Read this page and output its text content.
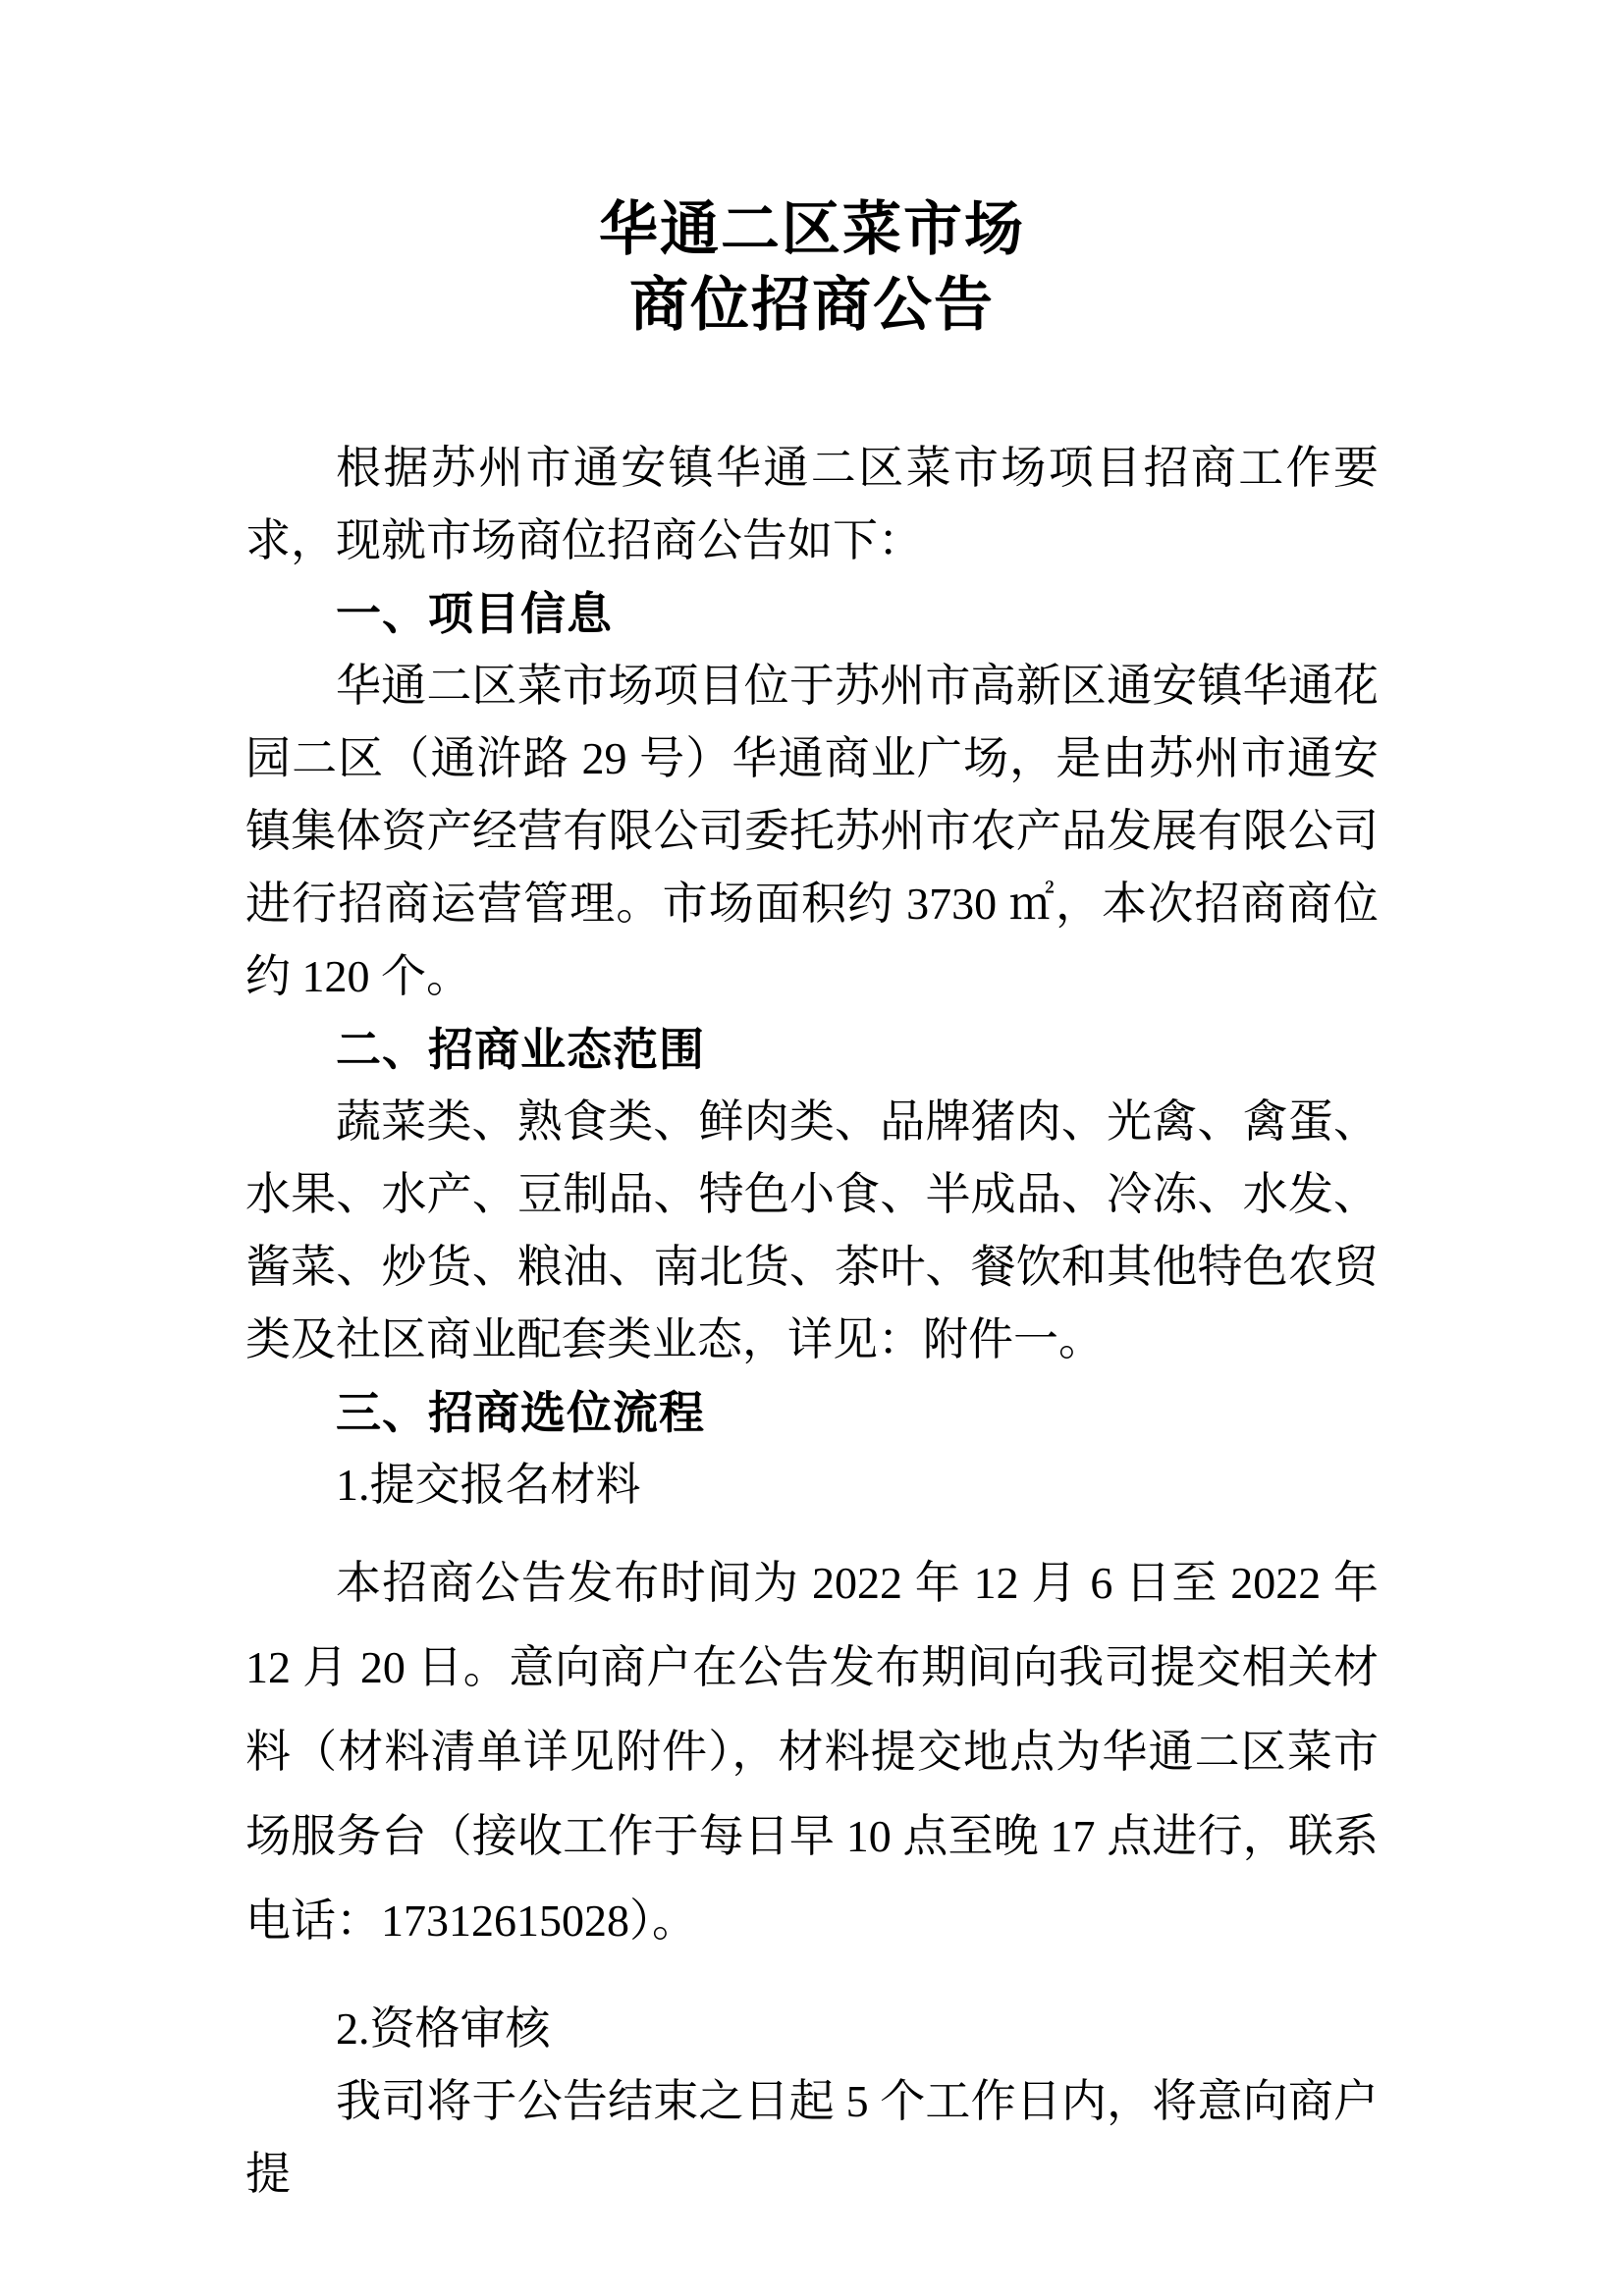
华通二区菜市场
商位招商公告

根据苏州市通安镇华通二区菜市场项目招商工作要求，现就市场商位招商公告如下：

一、项目信息

华通二区菜市场项目位于苏州市高新区通安镇华通花园二区（通浒路 29 号）华通商业广场，是由苏州市通安镇集体资产经营有限公司委托苏州市农产品发展有限公司进行招商运营管理。市场面积约 3730 ㎡，本次招商商位约 120 个。

二、招商业态范围

蔬菜类、熟食类、鲜肉类、品牌猪肉、光禽、禽蛋、水果、水产、豆制品、特色小食、半成品、冷冻、水发、酱菜、炒货、粮油、南北货、茶叶、餐饮和其他特色农贸类及社区商业配套类业态，详见：附件一。

三、招商选位流程

1.提交报名材料

本招商公告发布时间为 2022 年 12 月 6 日至 2022 年 12 月 20 日。意向商户在公告发布期间向我司提交相关材料（材料清单详见附件），材料提交地点为华通二区菜市场服务台（接收工作于每日早 10 点至晚 17 点进行，联系电话：17312615028）。

2.资格审核

我司将于公告结束之日起 5 个工作日内，将意向商户提
